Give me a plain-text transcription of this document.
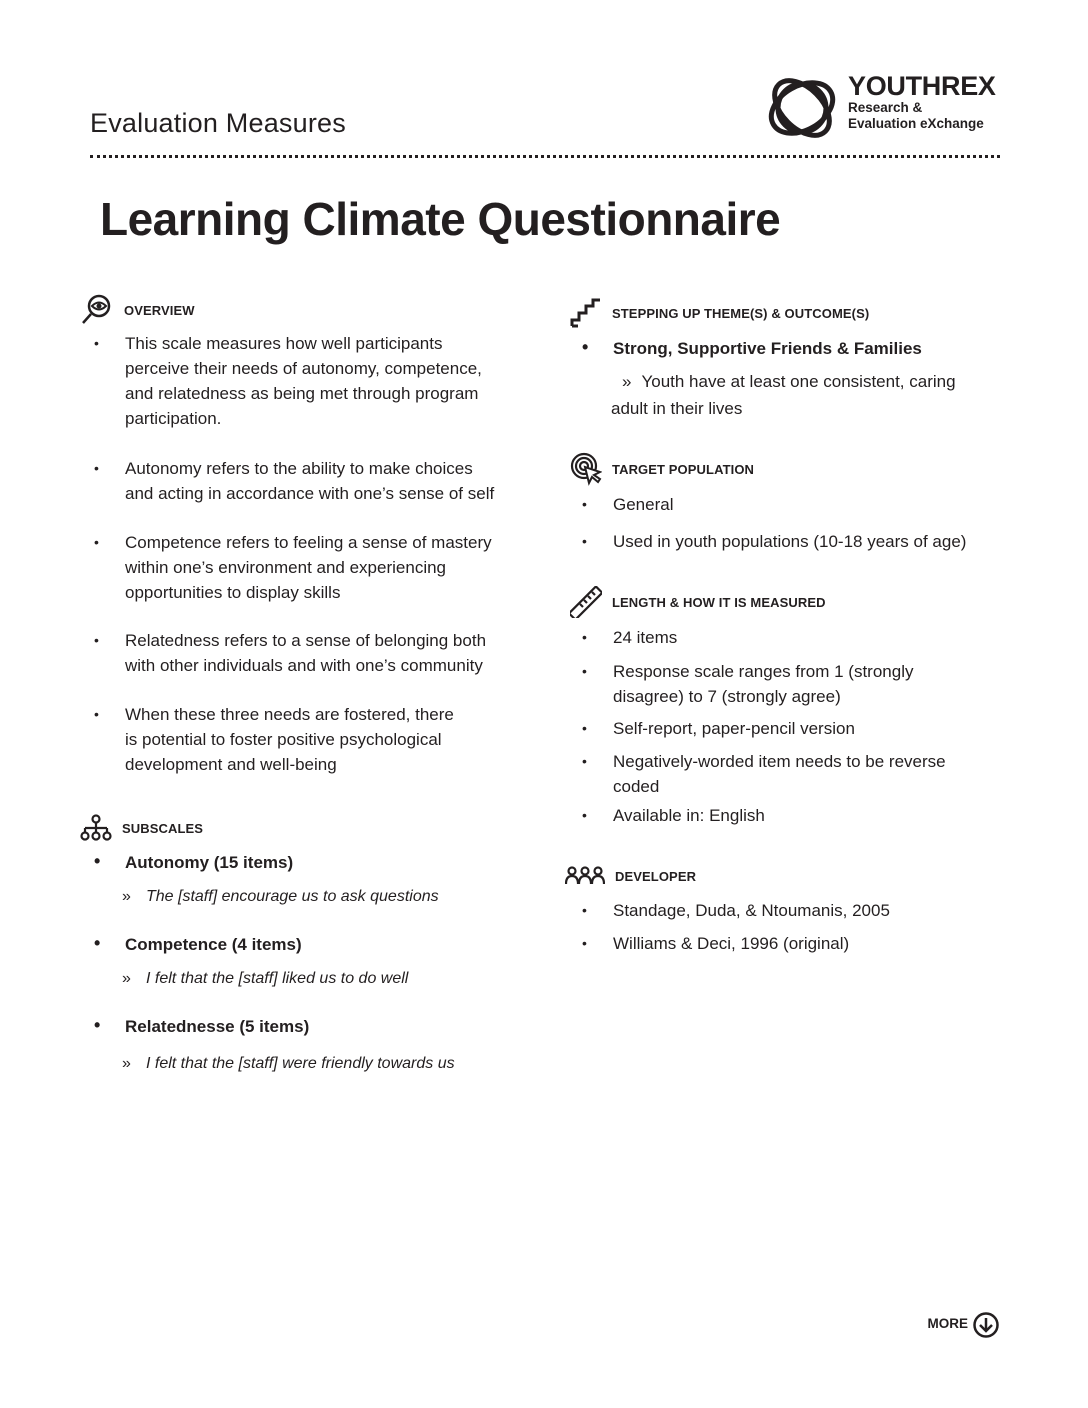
Evaluation Measures
YOUTHREX
Research &
Evaluation eXchange
Learning Climate Questionnaire
OVERVIEW
• This scale measures how well participants
perceive their needs of autonomy, competence,
and relatedness as being met through program
participation.
• Autonomy refers to the ability to make choices
and acting in accordance with one’s sense of self
• Competence refers to feeling a sense of mastery
within one’s environment and experiencing
opportunities to display skills
• Relatedness refers to a sense of belonging both
with other individuals and with one’s community
• When these three needs are fostered, there
is potential to foster positive psychological
development and well-being
SUBSCALES
• Autonomy (15 items)
» The [staff] encourage us to ask questions
• Competence (4 items)
» I felt that the [staff] liked us to do well
• Relatednesse (5 items)
» I felt that the [staff] were friendly towards us
STEPPING UP THEME(S) & OUTCOME(S)
• Strong, Supportive Friends & Families
» Youth have at least one consistent, caring
adult in their lives
TARGET POPULATION
• General
• Used in youth populations (10-18 years of age)
LENGTH & HOW IT IS MEASURED
• 24 items
• Response scale ranges from 1 (strongly
disagree) to 7 (strongly agree)
• Self-report, paper-pencil version
• Negatively-worded item needs to be reverse
coded
• Available in: English
DEVELOPER
• Standage, Duda, & Ntoumanis, 2005
• Williams & Deci, 1996 (original)
MORE
